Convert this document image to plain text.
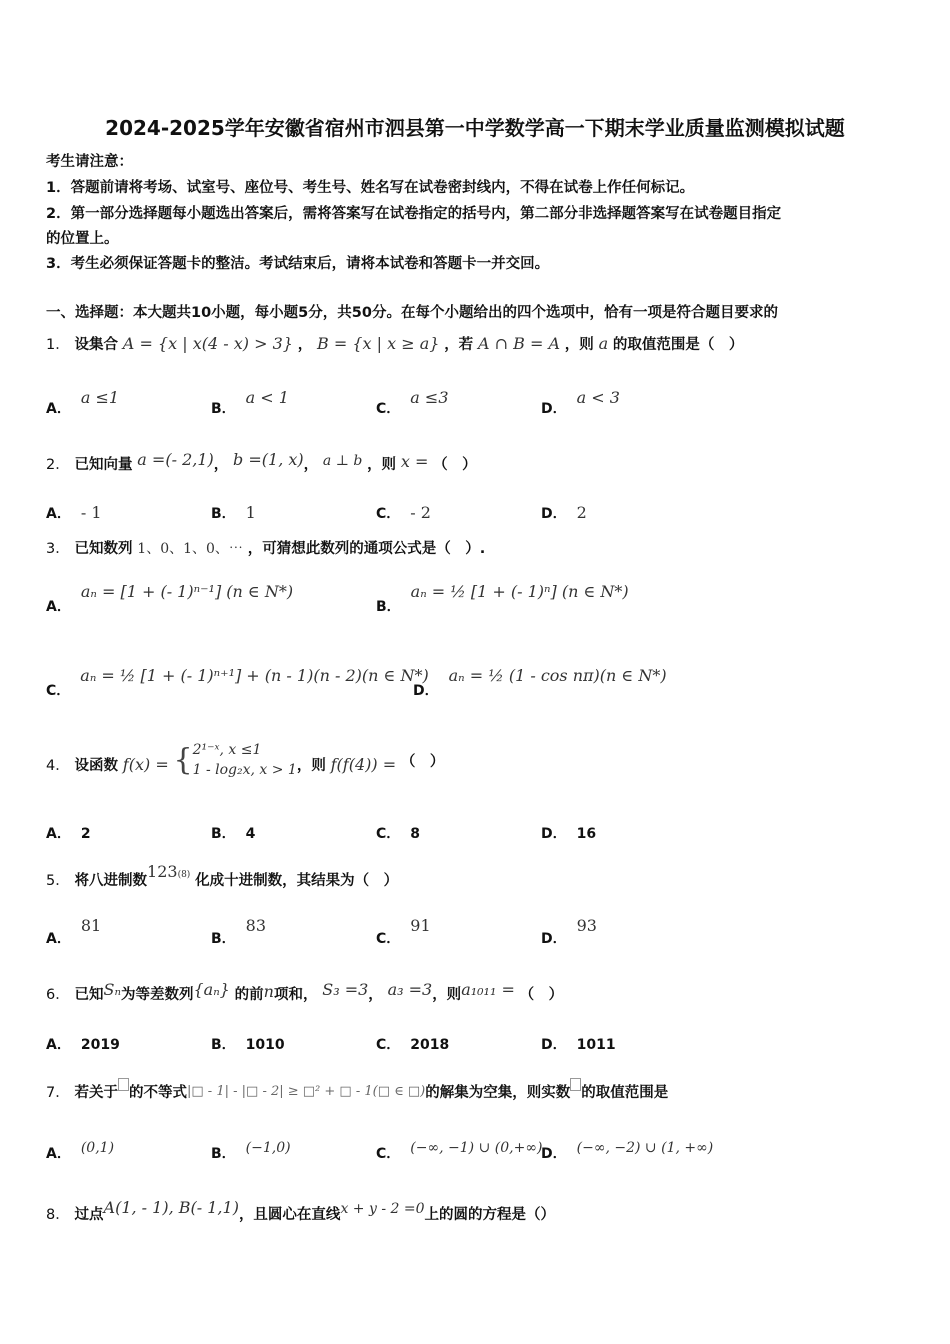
2024-2025学年安徽省宿州市泗县第一中学数学高一下期末学业质量监测模拟试题
考生请注意：
1．答题前请将考场、试室号、座位号、考生号、姓名写在试卷密封线内，不得在试卷上作任何标记。
2．第一部分选择题每小题选出答案后，需将答案写在试卷指定的括号内，第二部分非选择题答案写在试卷题目指定
的位置上。
3．考生必须保证答题卡的整洁。考试结束后，请将本试卷和答题卡一并交回。
一、选择题：本大题共10小题，每小题5分，共50分。在每个小题给出的四个选项中，恰有一项是符合题目要求的
1． 设集合 A = {x | x(4 - x) > 3} ， B = {x | x ≥ a} ，若 A ∩ B = A ，则 a 的取值范围是（　）
A．a ≤1
B．a < 1
C．a ≤3
D．a < 3
2． 已知向量 a =(- 2,1)， b =(1, x)， a ⊥ b ，则 x = （　）
A． - 1	B． 1	C． - 2	D． 2
3． 已知数列 1、0、1、0、⋯ ，可猜想此数列的通项公式是（　）.
A．aₙ = [1 + (- 1)ⁿ⁻¹] (n ∈ N*)
B．aₙ = ½ [1 + (- 1)ⁿ] (n ∈ N*)
C．aₙ = ½ [1 + (- 1)ⁿ⁺¹] + (n - 1)(n - 2)(n ∈ N*)
D．aₙ = ½ (1 - cos nπ)(n ∈ N*)
4． 设函数 f(x) = { 2¹⁻ˣ, x ≤1
1 - log₂x, x > 1 ，则 f(f(4)) = （　）
A． 2	B． 4	C． 8	D． 16
5． 将八进制数123(8) 化成十进制数，其结果为（　）
A．81
B．83
C．91
D．93
6． 已知Sₙ为等差数列{aₙ} 的前n项和， S₃ =3， a₃ =3，则a₁₀₁₁ = （　）
A． 2019	B． 1010	C． 2018	D． 1011
7． 若关于 的不等式|□ - 1| - |□ - 2| ≥ □² + □ - 1(□ ∈ □)的解集为空集，则实数 的取值范围是
A． (0,1)	B． (−1,0)	C． (−∞, −1) ∪ (0,+∞)
D． (−∞, −2) ∪ (1, +∞)
8． 过点A(1, - 1), B(- 1,1)，且圆心在直线x + y - 2 =0上的圆的方程是（）
